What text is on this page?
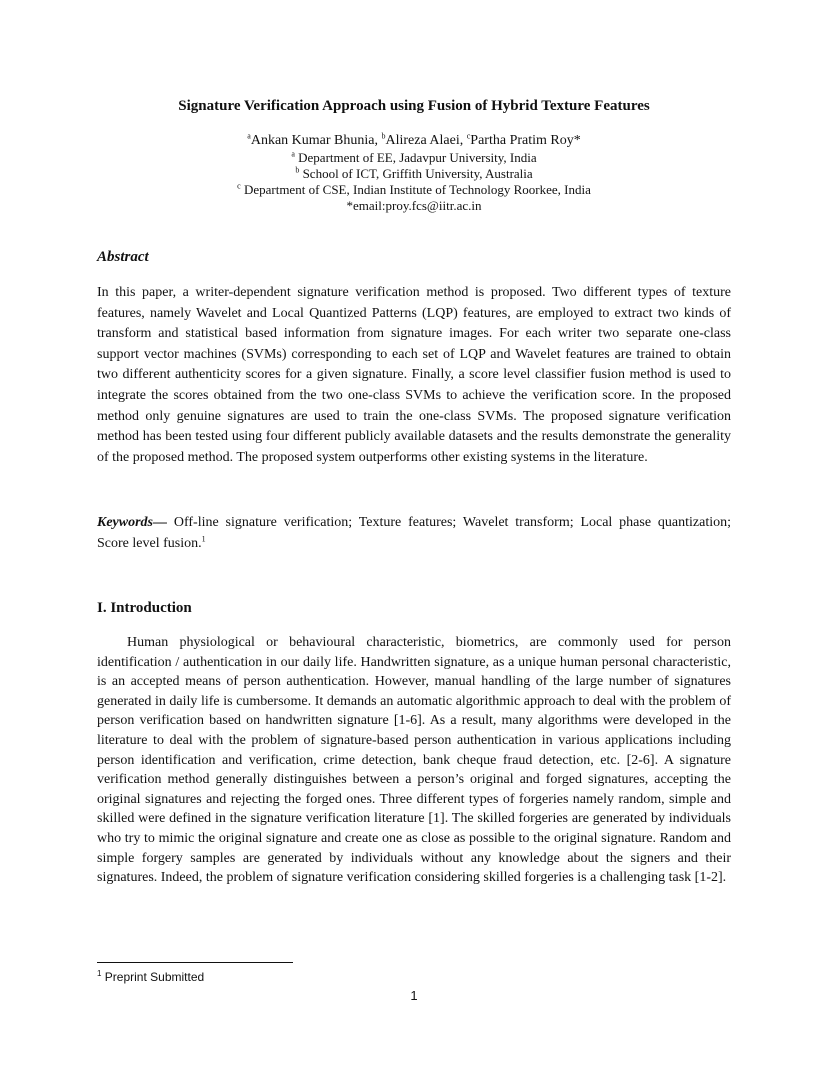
Signature Verification Approach using Fusion of Hybrid Texture Features
$^a$Ankan Kumar Bhunia, $^b$Alireza Alaei, $^c$Partha Pratim Roy*
$^a$ Department of EE, Jadavpur University, India
$^b$ School of ICT, Griffith University, Australia
$^c$ Department of CSE, Indian Institute of Technology Roorkee, India
*email:proy.fcs@iitr.ac.in
Abstract
In this paper, a writer-dependent signature verification method is proposed. Two different types of texture features, namely Wavelet and Local Quantized Patterns (LQP) features, are employed to extract two kinds of transform and statistical based information from signature images. For each writer two separate one-class support vector machines (SVMs) corresponding to each set of LQP and Wavelet features are trained to obtain two different authenticity scores for a given signature. Finally, a score level classifier fusion method is used to integrate the scores obtained from the two one-class SVMs to achieve the verification score. In the proposed method only genuine signatures are used to train the one-class SVMs. The proposed signature verification method has been tested using four different publicly available datasets and the results demonstrate the generality of the proposed method. The proposed system outperforms other existing systems in the literature.
Keywords— Off-line signature verification; Texture features; Wavelet transform; Local phase quantization; Score level fusion.$^1$
I. Introduction
Human physiological or behavioural characteristic, biometrics, are commonly used for person identification / authentication in our daily life. Handwritten signature, as a unique human personal characteristic, is an accepted means of person authentication. However, manual handling of the large number of signatures generated in daily life is cumbersome. It demands an automatic algorithmic approach to deal with the problem of person verification based on handwritten signature [1-6]. As a result, many algorithms were developed in the literature to deal with the problem of signature-based person authentication in various applications including person identification and verification, crime detection, bank cheque fraud detection, etc. [2-6]. A signature verification method generally distinguishes between a person’s original and forged signatures, accepting the original signatures and rejecting the forged ones. Three different types of forgeries namely random, simple and skilled were defined in the signature verification literature [1]. The skilled forgeries are generated by individuals who try to mimic the original signature and create one as close as possible to the original signature. Random and simple forgery samples are generated by individuals without any knowledge about the signers and their signatures. Indeed, the problem of signature verification considering skilled forgeries is a challenging task [1-2].
$^1$ Preprint Submitted
1
